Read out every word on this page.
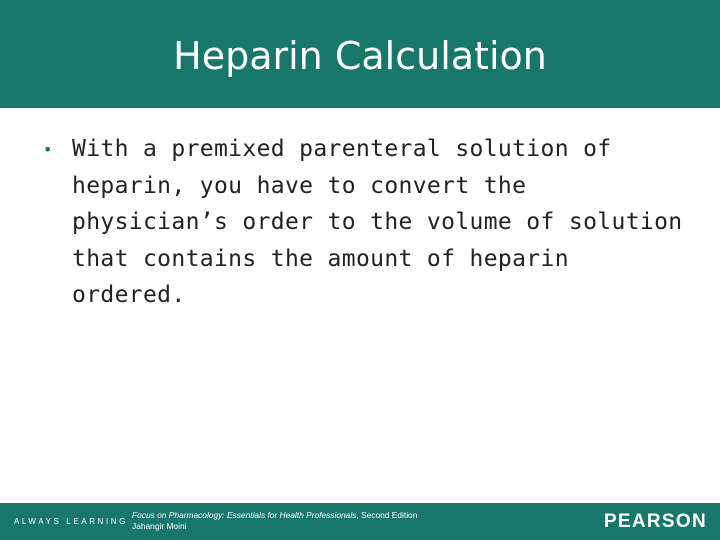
Heparin Calculation
• With a premixed parenteral solution of heparin, you have to convert the physician’s order to the volume of solution that contains the amount of heparin ordered.
ALWAYS LEARNING
Focus on Pharmacology: Essentials for Health Professionals, Second Edition
Jahangir Moini	PEARSON
